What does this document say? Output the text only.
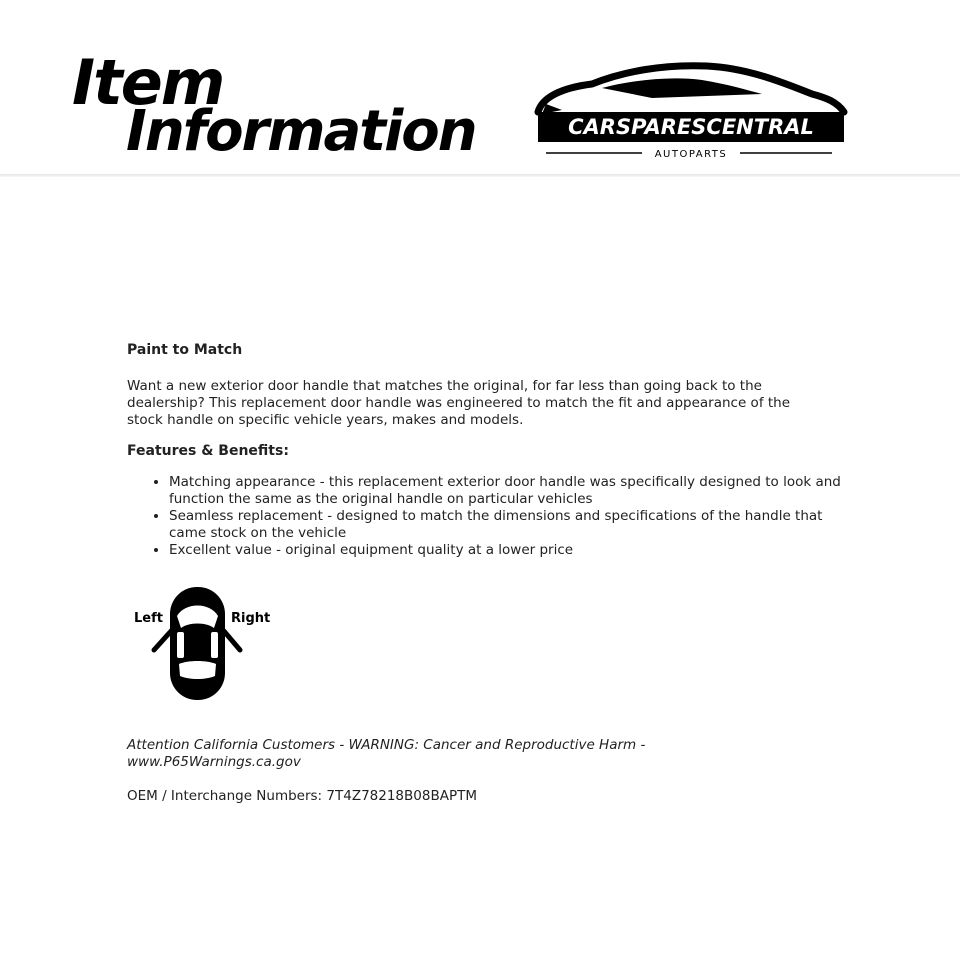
Item
Information	CARSPARESCENTRAL
AUTOPARTS

Paint to Match

Want a new exterior door handle that matches the original, for far less than going back to the dealership? This replacement door handle was engineered to match the fit and appearance of the stock handle on specific vehicle years, makes and models.

Features & Benefits:

• Matching appearance - this replacement exterior door handle was specifically designed to look and function the same as the original handle on particular vehicles
• Seamless replacement - designed to match the dimensions and specifications of the handle that came stock on the vehicle
• Excellent value - original equipment quality at a lower price
Left	Right
Attention California Customers - WARNING: Cancer and Reproductive Harm - www.P65Warnings.ca.gov
OEM / Interchange Numbers: 7T4Z78218B08BAPTM
